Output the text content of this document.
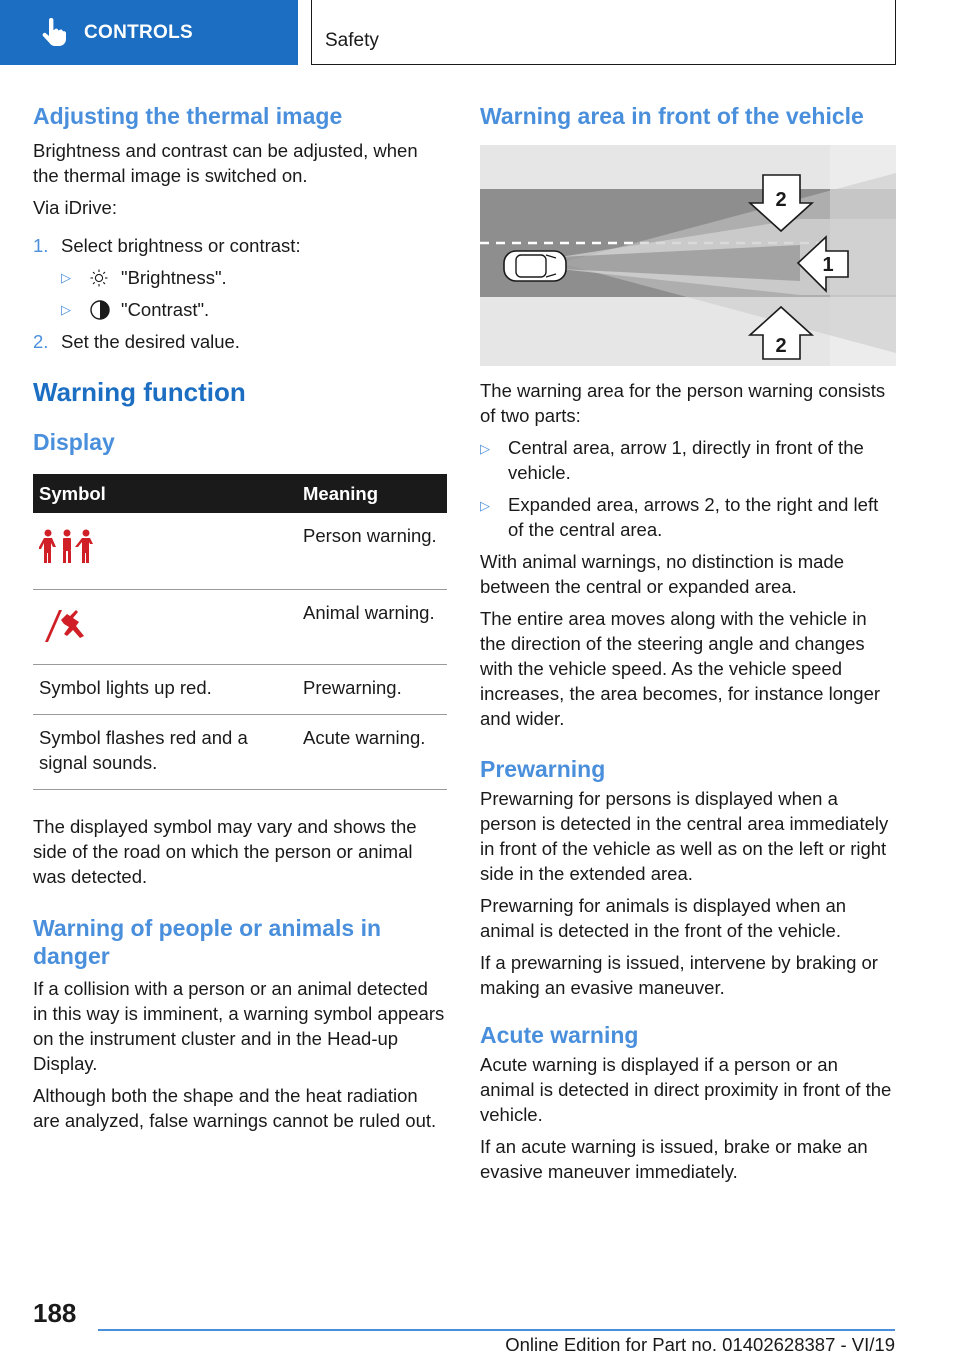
CONTROLS	Safety
Adjusting the thermal image
Brightness and contrast can be adjusted, when the thermal image is switched on.
Via iDrive:
1. Select brightness or contrast:
▷	"Brightness".
▷	"Contrast".
2. Set the desired value.
Warning function
Display
Symbol	Meaning
	Person warning.
	Animal warning.
Symbol lights up red.	Prewarning.
Symbol flashes red and a signal sounds.	Acute warning.
The displayed symbol may vary and shows the side of the road on which the person or animal was detected.
Warning of people or animals in danger
If a collision with a person or an animal detected in this way is imminent, a warning symbol appears on the instrument cluster and in the Head-up Display.
Although both the shape and the heat radiation are analyzed, false warnings cannot be ruled out.
Warning area in front of the vehicle
2
1
2
The warning area for the person warning consists of two parts:
▷ Central area, arrow 1, directly in front of the vehicle.
▷ Expanded area, arrows 2, to the right and left of the central area.
With animal warnings, no distinction is made between the central or expanded area.
The entire area moves along with the vehicle in the direction of the steering angle and changes with the vehicle speed. As the vehicle speed increases, the area becomes, for instance longer and wider.
Prewarning
Prewarning for persons is displayed when a person is detected in the central area immediately in front of the vehicle as well as on the left or right side in the extended area.
Prewarning for animals is displayed when an animal is detected in the front of the vehicle.
If a prewarning is issued, intervene by braking or making an evasive maneuver.
Acute warning
Acute warning is displayed if a person or an animal is detected in direct proximity in front of the vehicle.
If an acute warning is issued, brake or make an evasive maneuver immediately.
188
Online Edition for Part no. 01402628387 - VI/19
